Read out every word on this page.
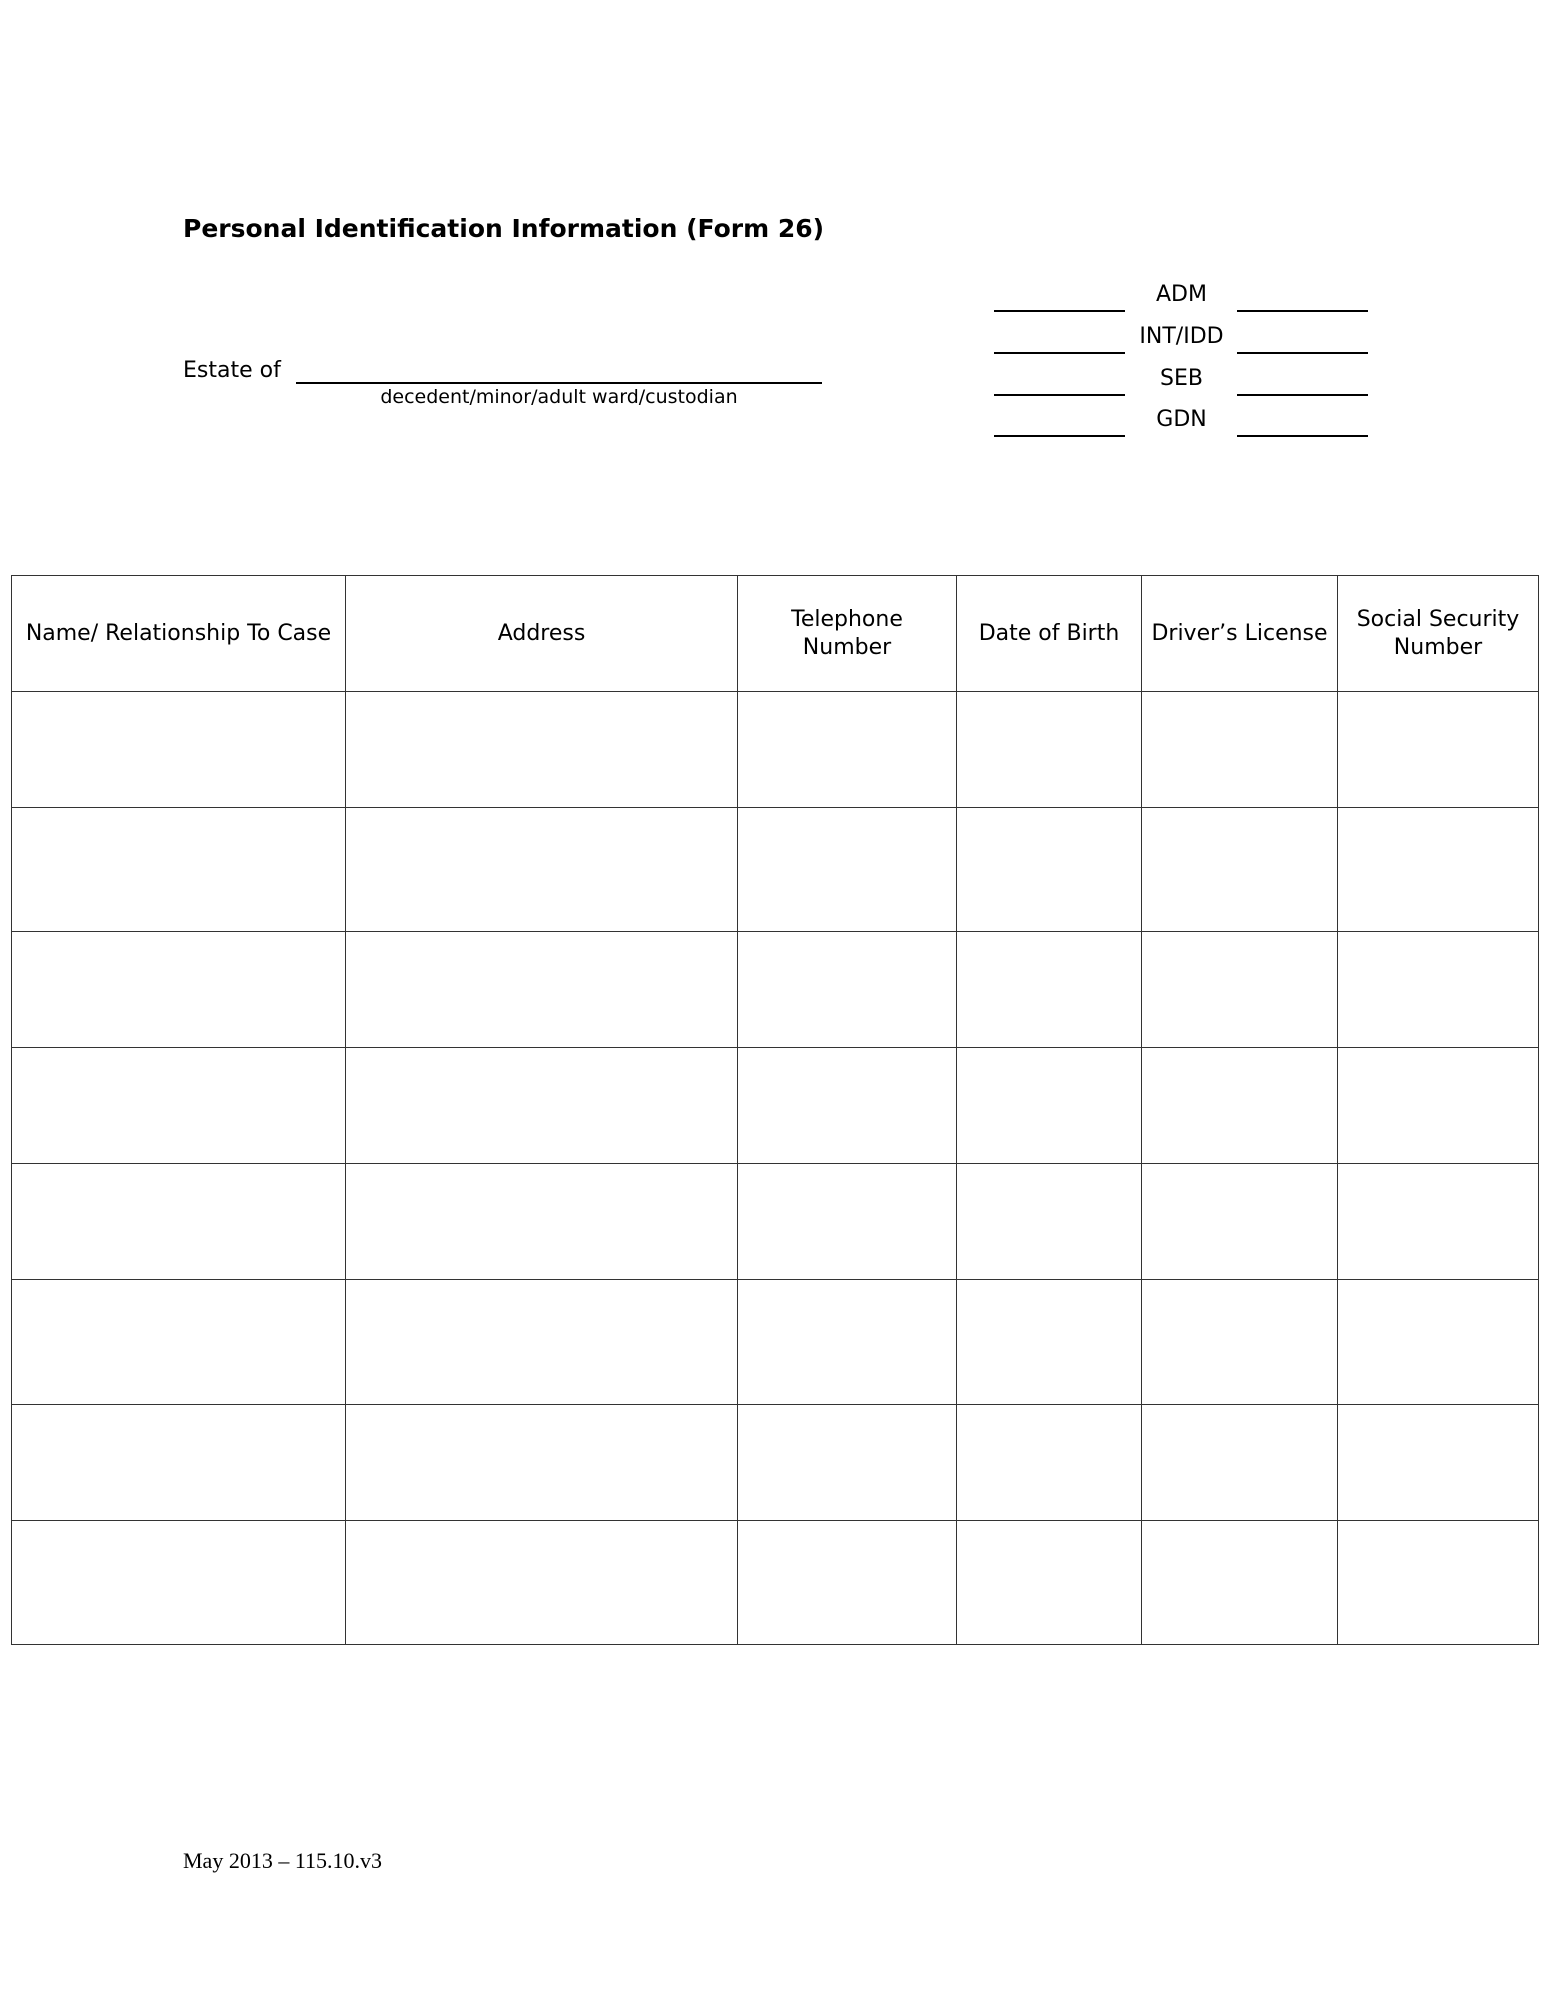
Personal Identification Information (Form 26)
Estate of
decedent/minor/adult ward/custodian
ADM
INT/IDD
SEB
GDN
Name/ Relationship To Case	Address	Telephone Number	Date of Birth	Driver’s License	Social Security Number

May 2013 – 115.10.v3
